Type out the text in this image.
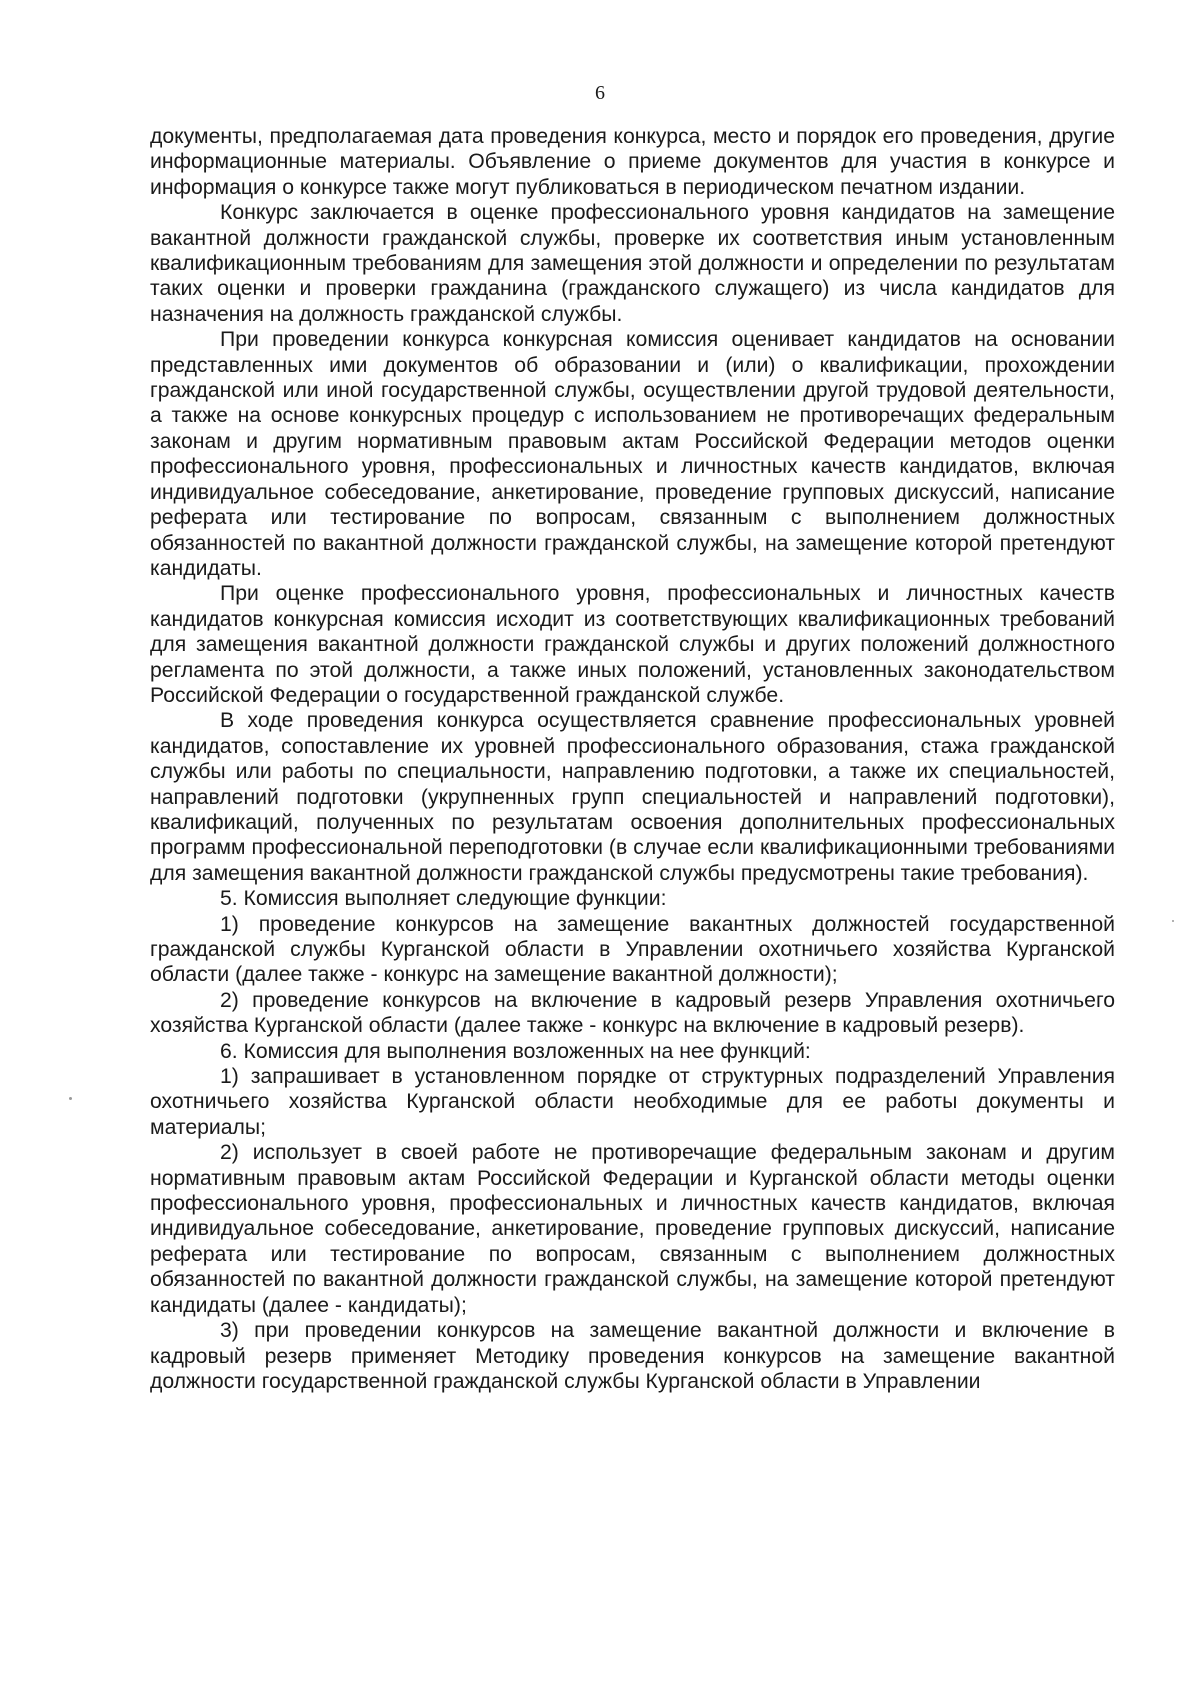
6

документы, предполагаемая дата проведения конкурса, место и порядок его проведения, другие информационные материалы. Объявление о приеме документов для участия в конкурсе и информация о конкурсе также могут публиковаться в периодическом печатном издании.

Конкурс заключается в оценке профессионального уровня кандидатов на замещение вакантной должности гражданской службы, проверке их соответствия иным установленным квалификационным требованиям для замещения этой должности и определении по результатам таких оценки и проверки гражданина (гражданского служащего) из числа кандидатов для назначения на должность гражданской службы.

При проведении конкурса конкурсная комиссия оценивает кандидатов на основании представленных ими документов об образовании и (или) о квалификации, прохождении гражданской или иной государственной службы, осуществлении другой трудовой деятельности, а также на основе конкурсных процедур с использованием не противоречащих федеральным законам и другим нормативным правовым актам Российской Федерации методов оценки профессионального уровня, профессиональных и личностных качеств кандидатов, включая индивидуальное собеседование, анкетирование, проведение групповых дискуссий, написание реферата или тестирование по вопросам, связанным с выполнением должностных обязанностей по вакантной должности гражданской службы, на замещение которой претендуют кандидаты.

При оценке профессионального уровня, профессиональных и личностных качеств кандидатов конкурсная комиссия исходит из соответствующих квалификационных требований для замещения вакантной должности гражданской службы и других положений должностного регламента по этой должности, а также иных положений, установленных законодательством Российской Федерации о государственной гражданской службе.

В ходе проведения конкурса осуществляется сравнение профессиональных уровней кандидатов, сопоставление их уровней профессионального образования, стажа гражданской службы или работы по специальности, направлению подготовки, а также их специальностей, направлений подготовки (укрупненных групп специальностей и направлений подготовки), квалификаций, полученных по результатам освоения дополнительных профессиональных программ профессиональной переподготовки (в случае если квалификационными требованиями для замещения вакантной должности гражданской службы предусмотрены такие требования).

5. Комиссия выполняет следующие функции:

1) проведение конкурсов на замещение вакантных должностей государственной гражданской службы Курганской области в Управлении охотничьего хозяйства Курганской области (далее также - конкурс на замещение вакантной должности);

2) проведение конкурсов на включение в кадровый резерв Управления охотничьего хозяйства Курганской области (далее также - конкурс на включение в кадровый резерв).

6. Комиссия для выполнения возложенных на нее функций:

1) запрашивает в установленном порядке от структурных подразделений Управления охотничьего хозяйства Курганской области необходимые для ее работы документы и материалы;

2) использует в своей работе не противоречащие федеральным законам и другим нормативным правовым актам Российской Федерации и Курганской области методы оценки профессионального уровня, профессиональных и личностных качеств кандидатов, включая индивидуальное собеседование, анкетирование, проведение групповых дискуссий, написание реферата или тестирование по вопросам, связанным с выполнением должностных обязанностей по вакантной должности гражданской службы, на замещение которой претендуют кандидаты (далее - кандидаты);

3) при проведении конкурсов на замещение вакантной должности и включение в кадровый резерв применяет Методику проведения конкурсов на замещение вакантной должности государственной гражданской службы Курганской области в Управлении
